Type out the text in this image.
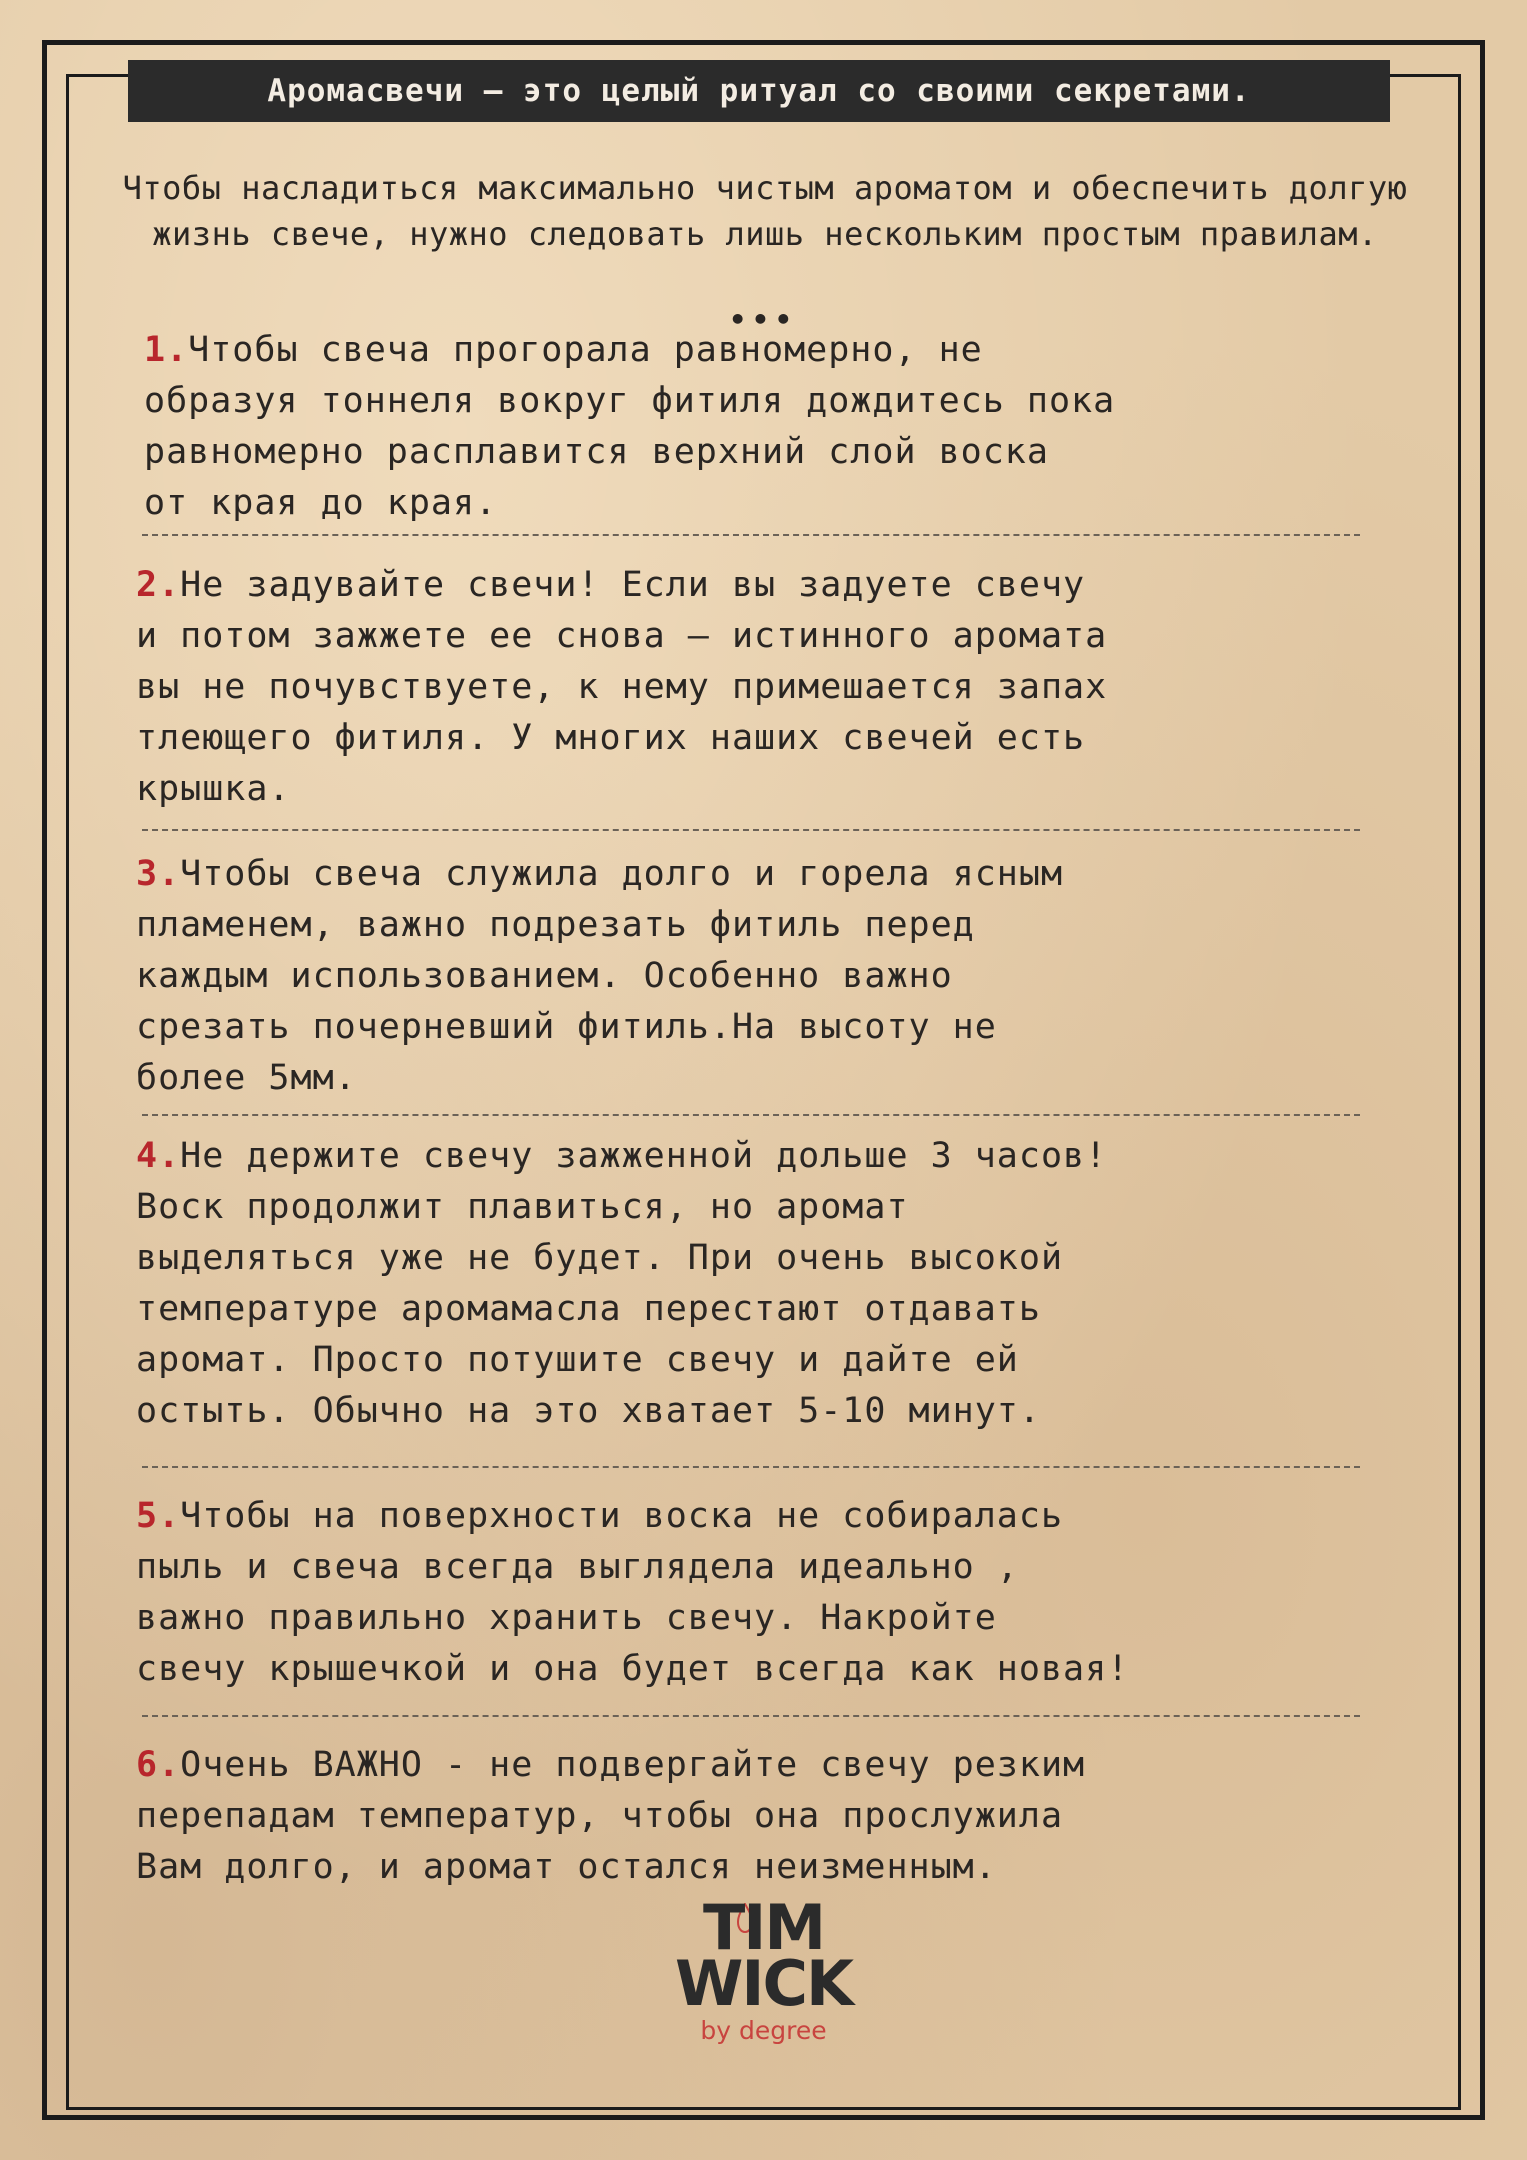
Аромасвечи — это целый ритуал со своими секретами.
Чтобы насладиться максимально чистым ароматом и обеспечить долгую жизнь свече, нужно следовать лишь нескольким простым правилам.
•••
1.Чтобы свеча прогорала равномерно, не
образуя тоннеля вокруг фитиля дождитесь пока
равномерно расплавится верхний слой воска
от края до края.
2.Не задувайте свечи! Если вы задуете свечу
и потом зажжете ее снова — истинного аромата
вы не почувствуете, к нему примешается запах
тлеющего фитиля. У многих наших свечей есть
крышка.
3.Чтобы свеча служила долго и горела ясным
пламенем, важно подрезать фитиль перед
каждым использованием. Особенно важно
срезать почерневший фитиль.На высоту не
более 5мм.
4.Не держите свечу зажженной дольше 3 часов!
Воск продолжит плавиться, но аромат
выделяться уже не будет. При очень высокой
температуре аромамасла перестают отдавать
аромат. Просто потушите свечу и дайте ей
остыть. Обычно на это хватает 5-10 минут.
5.Чтобы на поверхности воска не собиралась
пыль и свеча всегда выглядела идеально ,
важно правильно хранить свечу. Накройте
свечу крышечкой и она будет всегда как новая!
6.Очень ВАЖНО - не подвергайте свечу резким
перепадам температур, чтобы она прослужила
Вам долго, и аромат остался неизменным.
TIM
WICK
by degree
